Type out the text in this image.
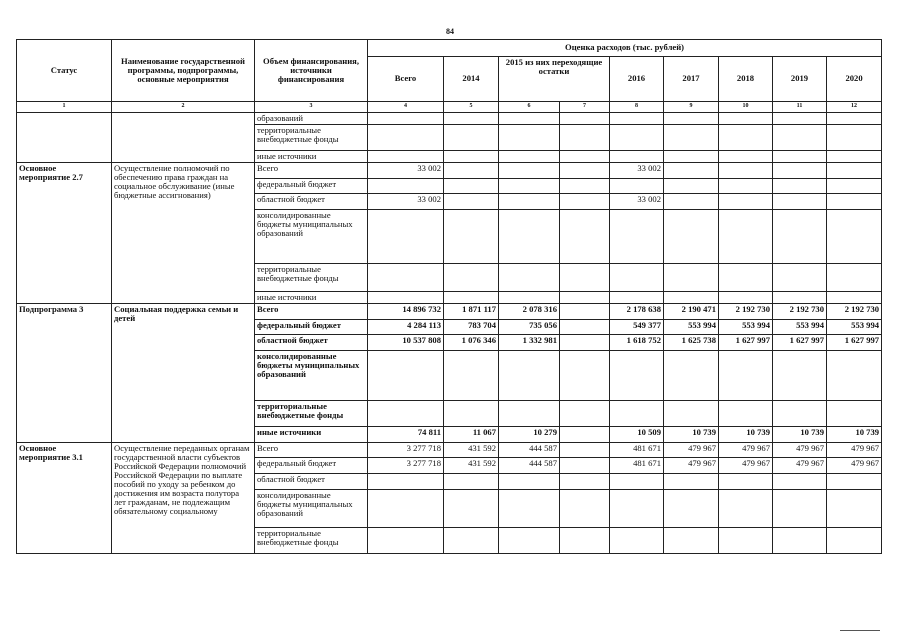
84
Статус	Наименование государственной программы, подпрограммы, основные мероприятия	Объем финансирования, источники финансирования	Оценка расходов (тыс. рублей)								
			Всего	2014	2015 из них переходящие остатки		2016	2017	2018	2019	2020
1	2	3	4	5	6	7	8	9	10	11	12
		образований									
		территориальные внебюджетные фонды									
		иные источники									
Основное мероприятие 2.7	Осуществление полномочий по обеспечению права граждан на социальное обслуживание (иные бюджетные ассигнования)	Всего	33 002				33 002				
		федеральный бюджет									
		областной бюджет	33 002				33 002				
		консолидированные бюджеты муниципальных образований									
		территориальные внебюджетные фонды									
		иные источники									
Подпрограмма 3	Социальная поддержка семьи и детей	Всего	14 896 732	1 871 117	2 078 316		2 178 638	2 190 471	2 192 730	2 192 730	2 192 730
		федеральный бюджет	4 284 113	783 704	735 056		549 377	553 994	553 994	553 994	553 994
		областной бюджет	10 537 808	1 076 346	1 332 981		1 618 752	1 625 738	1 627 997	1 627 997	1 627 997
		консолидированные бюджеты муниципальных образований									
		территориальные внебюджетные фонды									
		иные источники	74 811	11 067	10 279		10 509	10 739	10 739	10 739	10 739
Основное мероприятие 3.1	Осуществление переданных органам государственной власти субъектов Российской Федерации полномочий Российской Федерации по выплате пособий по уходу за ребенком до достижения им возраста полутора лет гражданам, не подлежащим обязательному социальному	Всего	3 277 718	431 592	444 587		481 671	479 967	479 967	479 967	479 967
		федеральный бюджет	3 277 718	431 592	444 587		481 671	479 967	479 967	479 967	479 967
		областной бюджет									
		консолидированные бюджеты муниципальных образований									
		территориальные внебюджетные фонды									
